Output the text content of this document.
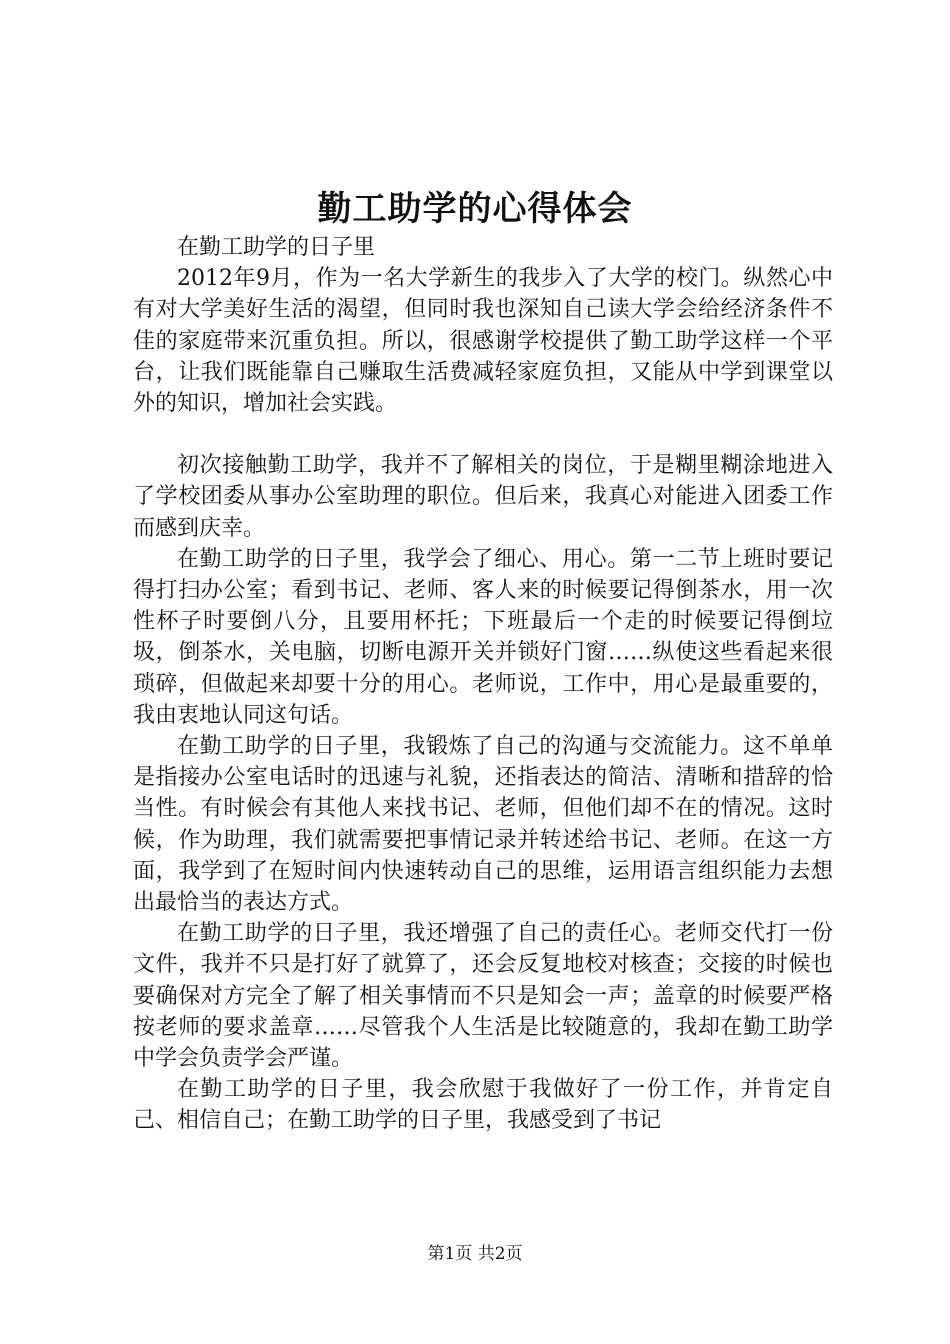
勤工助学的心得体会

在勤工助学的日子里

2012年9月，作为一名大学新生的我步入了大学的校门。纵然心中有对大学美好生活的渴望，但同时我也深知自己读大学会给经济条件不佳的家庭带来沉重负担。所以，很感谢学校提供了勤工助学这样一个平台，让我们既能靠自己赚取生活费减轻家庭负担，又能从中学到课堂以外的知识，增加社会实践。

初次接触勤工助学，我并不了解相关的岗位，于是糊里糊涂地进入了学校团委从事办公室助理的职位。但后来，我真心对能进入团委工作而感到庆幸。

在勤工助学的日子里，我学会了细心、用心。第一二节上班时要记得打扫办公室；看到书记、老师、客人来的时候要记得倒茶水，用一次性杯子时要倒八分，且要用杯托；下班最后一个走的时候要记得倒垃圾，倒茶水，关电脑，切断电源开关并锁好门窗……纵使这些看起来很琐碎，但做起来却要十分的用心。老师说，工作中，用心是最重要的，我由衷地认同这句话。

在勤工助学的日子里，我锻炼了自己的沟通与交流能力。这不单单是指接办公室电话时的迅速与礼貌，还指表达的简洁、清晰和措辞的恰当性。有时候会有其他人来找书记、老师，但他们却不在的情况。这时候，作为助理，我们就需要把事情记录并转述给书记、老师。在这一方面，我学到了在短时间内快速转动自己的思维，运用语言组织能力去想出最恰当的表达方式。

在勤工助学的日子里，我还增强了自己的责任心。老师交代打一份文件，我并不只是打好了就算了，还会反复地校对核查；交接的时候也要确保对方完全了解了相关事情而不只是知会一声；盖章的时候要严格按老师的要求盖章……尽管我个人生活是比较随意的，我却在勤工助学中学会负责学会严谨。

在勤工助学的日子里，我会欣慰于我做好了一份工作，并肯定自己、相信自己；在勤工助学的日子里，我感受到了书记

第1页 共2页
